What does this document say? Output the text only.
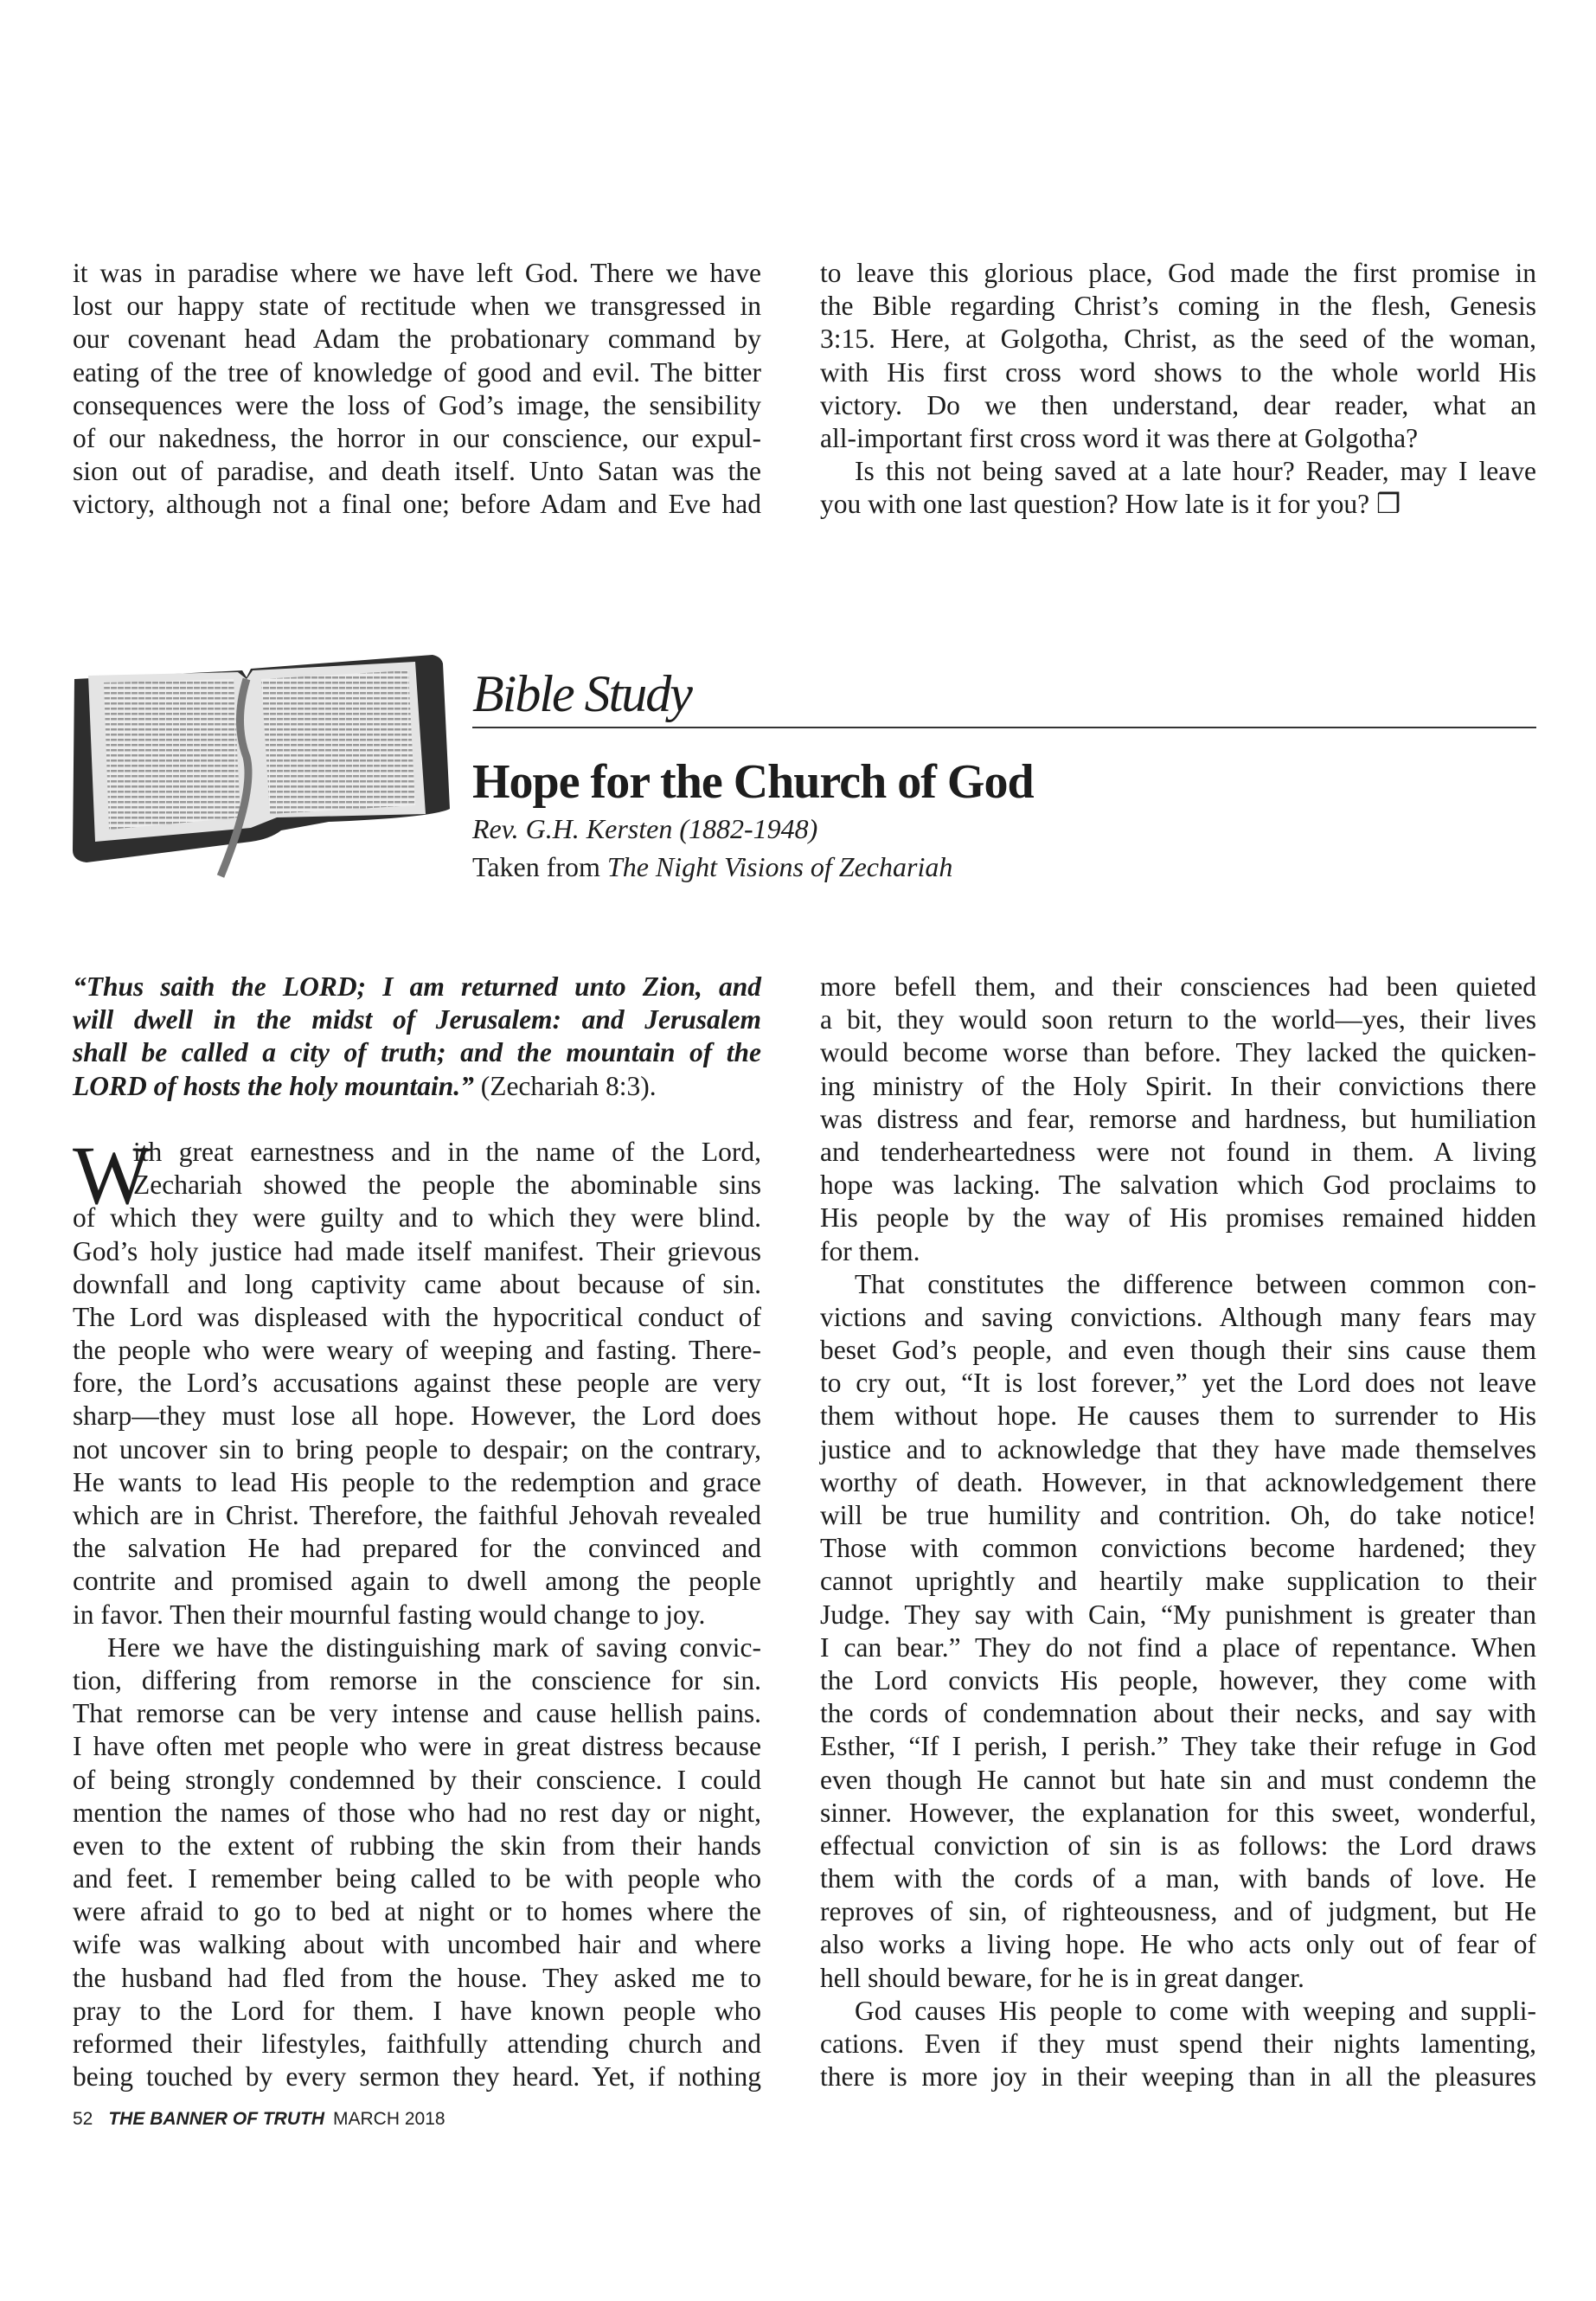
it was in paradise where we have left God. There we have
lost our happy state of rectitude when we transgressed in
our covenant head Adam the probationary command by
eating of the tree of knowledge of good and evil. The bitter
consequences were the loss of God’s image, the sensibility
of our nakedness, the horror in our conscience, our expul-
sion out of paradise, and death itself. Unto Satan was the
victory, although not a final one; before Adam and Eve had
to leave this glorious place, God made the first promise in
the Bible regarding Christ’s coming in the flesh, Genesis
3:15. Here, at Golgotha, Christ, as the seed of the woman,
with His first cross word shows to the whole world His
victory. Do we then understand, dear reader, what an
all-important first cross word it was there at Golgotha?
Is this not being saved at a late hour? Reader, may I leave
you with one last question? How late is it for you? ❒
Bible Study
Hope for the Church of God
Rev. G.H. Kersten (1882-1948)
Taken from The Night Visions of Zechariah
“Thus saith the LORD; I am returned unto Zion, and
will dwell in the midst of Jerusalem: and Jerusalem
shall be called a city of truth; and the mountain of the
LORD of hosts the holy mountain.” (Zechariah 8:3).
W
ith great earnestness and in the name of the Lord,
Zechariah showed the people the abominable sins
of which they were guilty and to which they were blind.
God’s holy justice had made itself manifest. Their grievous
downfall and long captivity came about because of sin.
The Lord was displeased with the hypocritical conduct of
the people who were weary of weeping and fasting. There-
fore, the Lord’s accusations against these people are very
sharp—they must lose all hope. However, the Lord does
not uncover sin to bring people to despair; on the contrary,
He wants to lead His people to the redemption and grace
which are in Christ. Therefore, the faithful Jehovah revealed
the salvation He had prepared for the convinced and
contrite and promised again to dwell among the people
in favor. Then their mournful fasting would change to joy.
Here we have the distinguishing mark of saving convic-
tion, differing from remorse in the conscience for sin.
That remorse can be very intense and cause hellish pains.
I have often met people who were in great distress because
of being strongly condemned by their conscience. I could
mention the names of those who had no rest day or night,
even to the extent of rubbing the skin from their hands
and feet. I remember being called to be with people who
were afraid to go to bed at night or to homes where the
wife was walking about with uncombed hair and where
the husband had fled from the house. They asked me to
pray to the Lord for them. I have known people who
reformed their lifestyles, faithfully attending church and
being touched by every sermon they heard. Yet, if nothing
more befell them, and their consciences had been quieted
a bit, they would soon return to the world—yes, their lives
would become worse than before. They lacked the quicken-
ing ministry of the Holy Spirit. In their convictions there
was distress and fear, remorse and hardness, but humiliation
and tenderheartedness were not found in them. A living
hope was lacking. The salvation which God proclaims to
His people by the way of His promises remained hidden
for them.
That constitutes the difference between common con-
victions and saving convictions. Although many fears may
beset God’s people, and even though their sins cause them
to cry out, “It is lost forever,” yet the Lord does not leave
them without hope. He causes them to surrender to His
justice and to acknowledge that they have made themselves
worthy of death. However, in that acknowledgement there
will be true humility and contrition. Oh, do take notice!
Those with common convictions become hardened; they
cannot uprightly and heartily make supplication to their
Judge. They say with Cain, “My punishment is greater than
I can bear.” They do not find a place of repentance. When
the Lord convicts His people, however, they come with
the cords of condemnation about their necks, and say with
Esther, “If I perish, I perish.” They take their refuge in God
even though He cannot but hate sin and must condemn the
sinner. However, the explanation for this sweet, wonderful,
effectual conviction of sin is as follows: the Lord draws
them with the cords of a man, with bands of love. He
reproves of sin, of righteousness, and of judgment, but He
also works a living hope. He who acts only out of fear of
hell should beware, for he is in great danger.
God causes His people to come with weeping and suppli-
cations. Even if they must spend their nights lamenting,
there is more joy in their weeping than in all the pleasures
52 THE BANNER OF TRUTH MARCH 2018
